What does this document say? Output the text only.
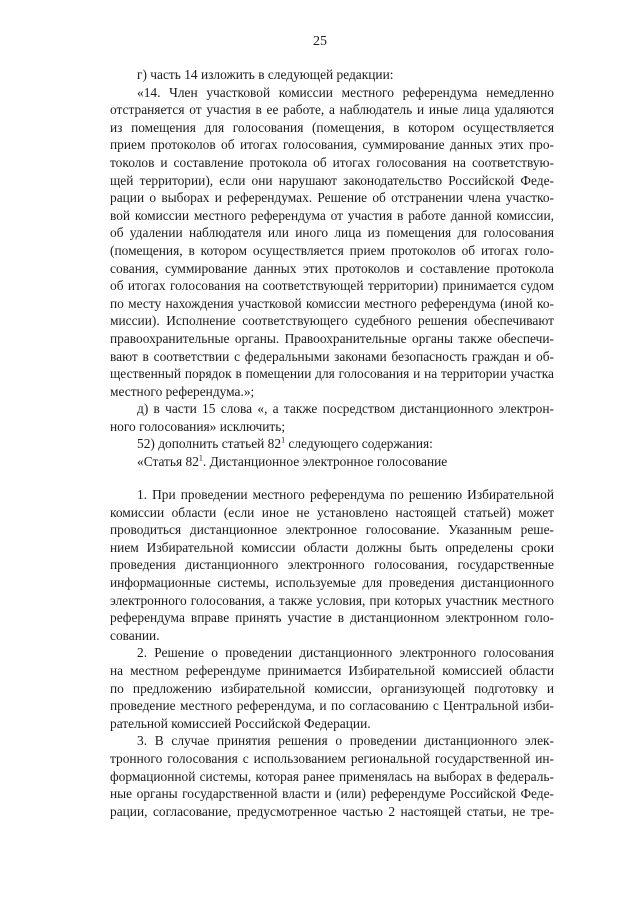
25
г) часть 14 изложить в следующей редакции:
«14. Член участковой комиссии местного референдума немедленно
отстраняется от участия в ее работе, а наблюдатель и иные лица удаляются
из помещения для голосования (помещения, в котором осуществляется
прием протоколов об итогах голосования, суммирование данных этих про-
токолов и составление протокола об итогах голосования на соответствую-
щей территории), если они нарушают законодательство Российской Феде-
рации о выборах и референдумах. Решение об отстранении члена участко-
вой комиссии местного референдума от участия в работе данной комиссии,
об удалении наблюдателя или иного лица из помещения для голосования
(помещения, в котором осуществляется прием протоколов об итогах голо-
сования, суммирование данных этих протоколов и составление протокола
об итогах голосования на соответствующей территории) принимается судом
по месту нахождения участковой комиссии местного референдума (иной ко-
миссии). Исполнение соответствующего судебного решения обеспечивают
правоохранительные органы. Правоохранительные органы также обеспечи-
вают в соответствии с федеральными законами безопасность граждан и об-
щественный порядок в помещении для голосования и на территории участка
местного референдума.»;
д) в части 15 слова «, а также посредством дистанционного электрон-
ного голосования» исключить;
52) дополнить статьей $82^1$ следующего содержания:
«Статья $82^1$. Дистанционное электронное голосование
1. При проведении местного референдума по решению Избирательной
комиссии области (если иное не установлено настоящей статьей) может
проводиться дистанционное электронное голосование. Указанным реше-
нием Избирательной комиссии области должны быть определены сроки
проведения дистанционного электронного голосования, государственные
информационные системы, используемые для проведения дистанционного
электронного голосования, а также условия, при которых участник местного
референдума вправе принять участие в дистанционном электронном голо-
совании.
2. Решение о проведении дистанционного электронного голосования
на местном референдуме принимается Избирательной комиссией области
по предложению избирательной комиссии, организующей подготовку и
проведение местного референдума, и по согласованию с Центральной изби-
рательной комиссией Российской Федерации.
3. В случае принятия решения о проведении дистанционного элек-
тронного голосования с использованием региональной государственной ин-
формационной системы, которая ранее применялась на выборах в федераль-
ные органы государственной власти и (или) референдуме Российской Феде-
рации, согласование, предусмотренное частью 2 настоящей статьи, не тре-
